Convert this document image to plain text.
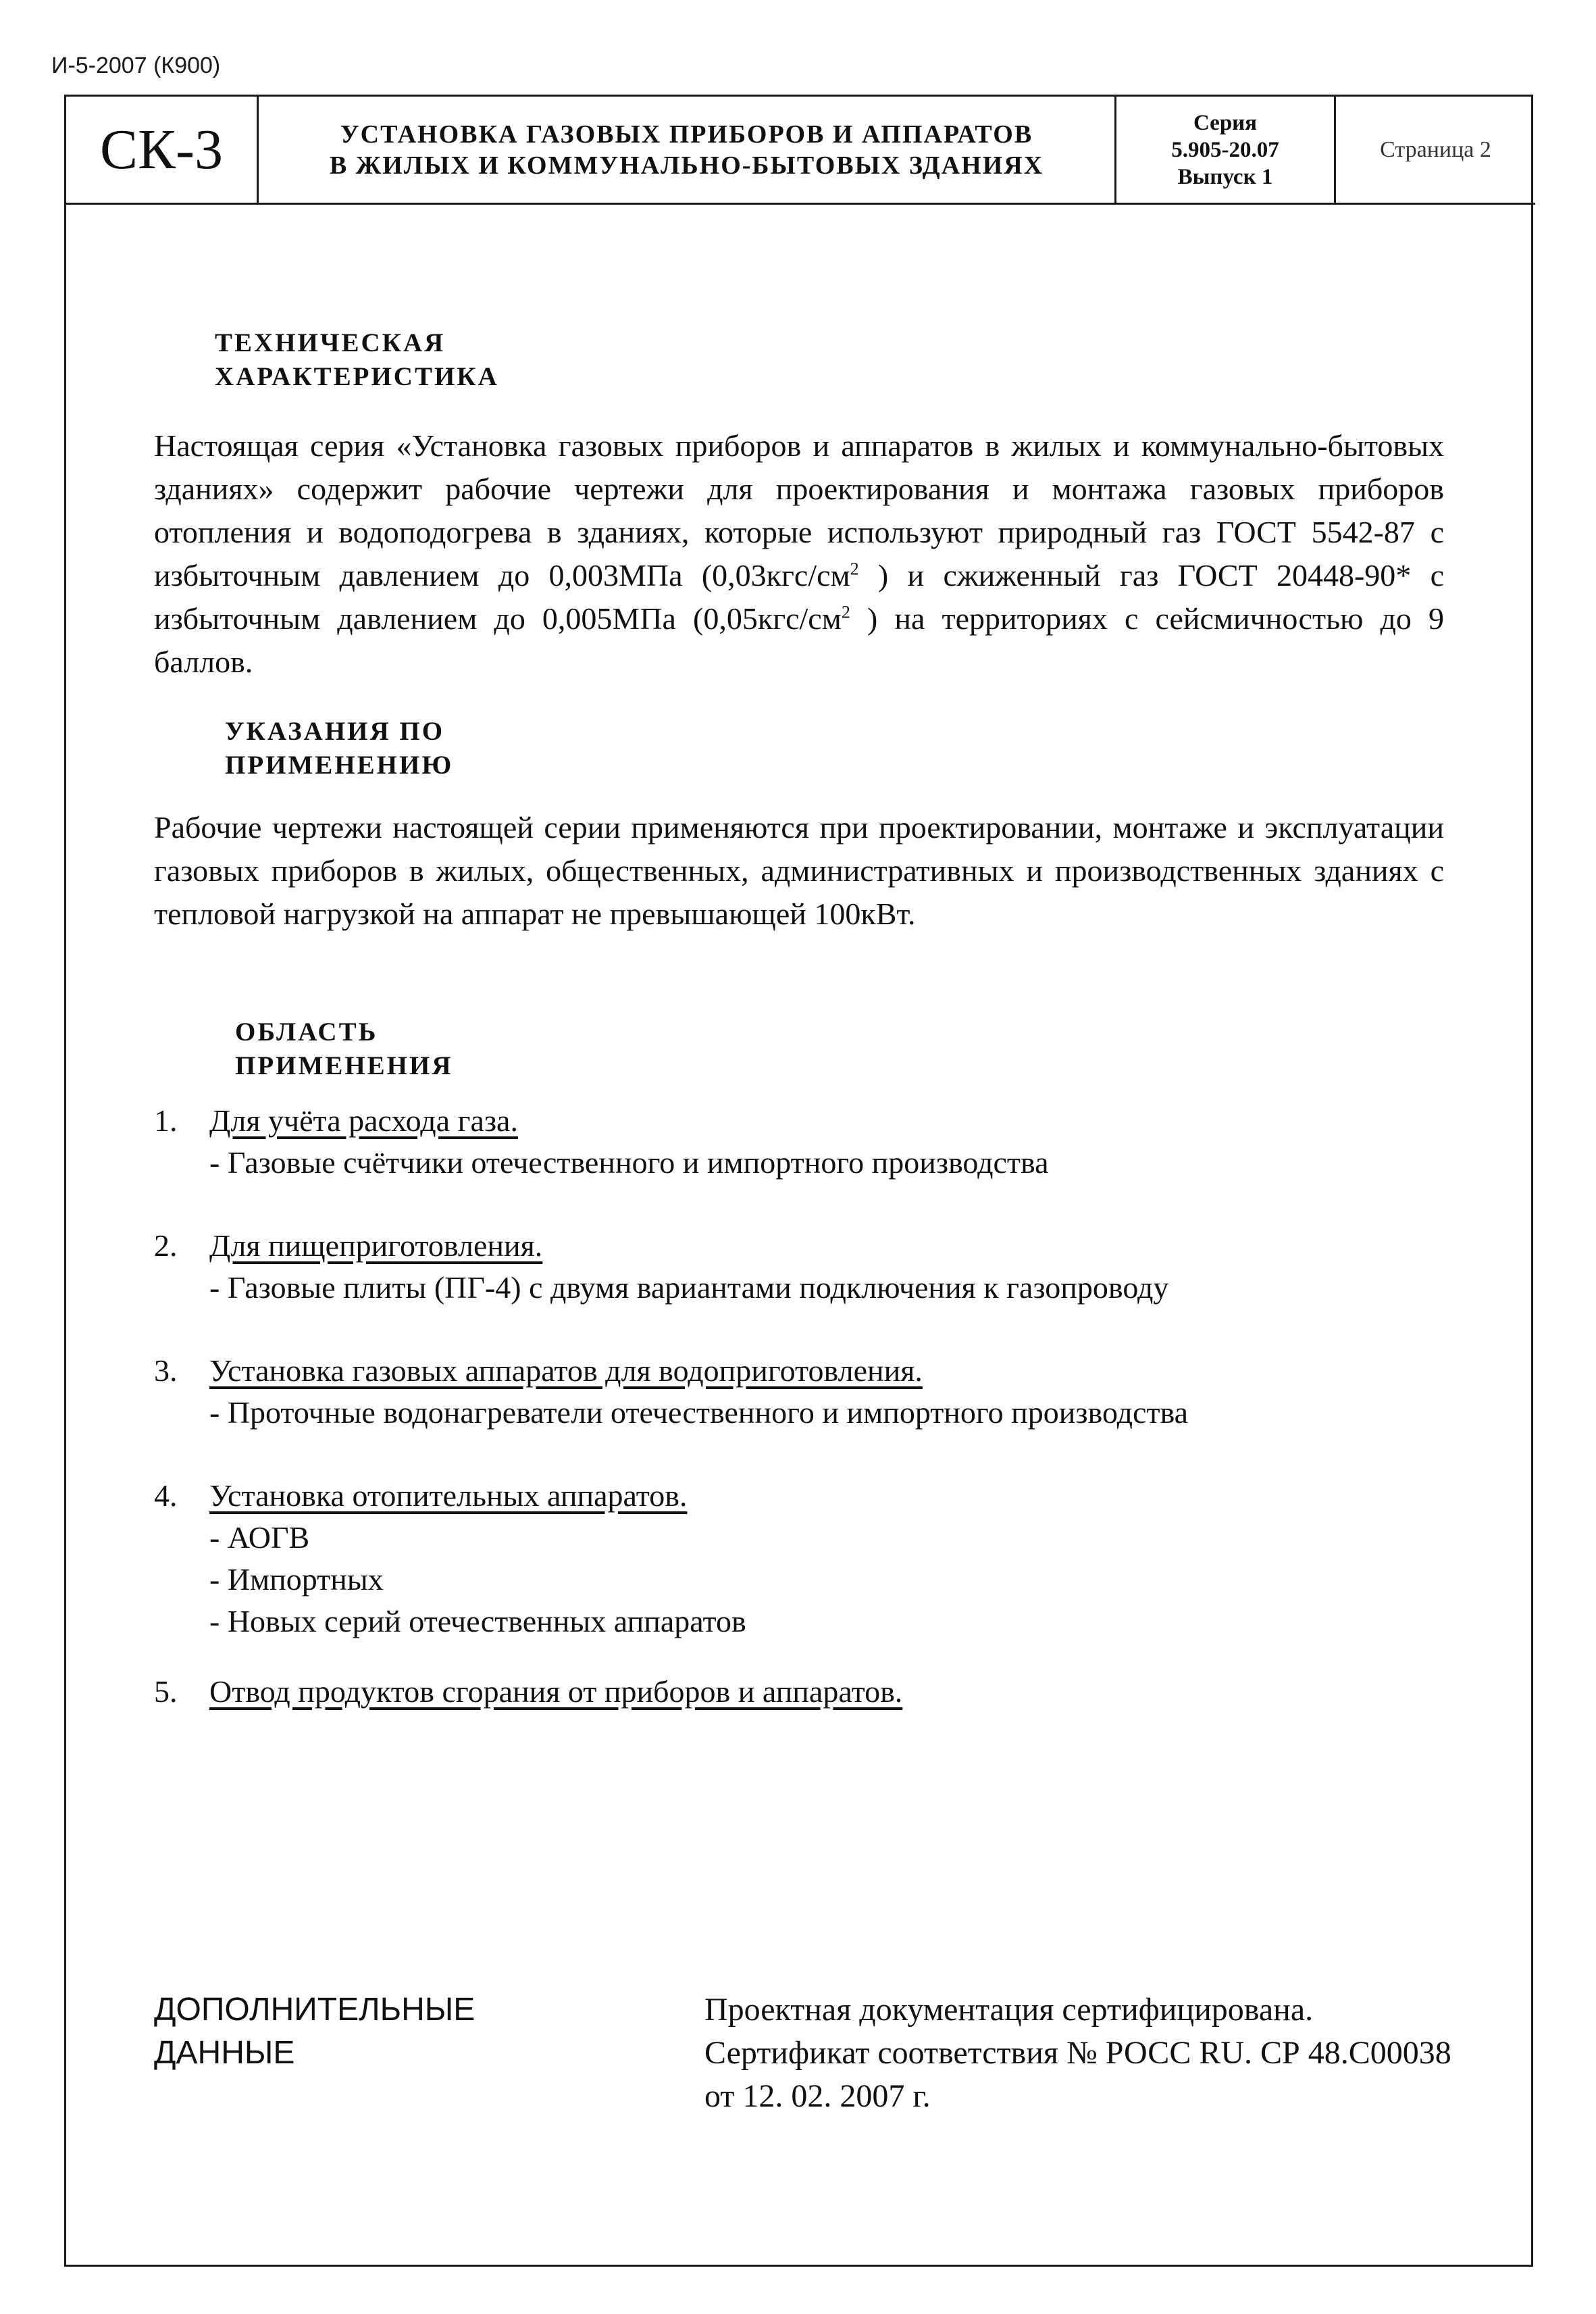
И-5-2007 (К900)
СК-3	УСТАНОВКА ГАЗОВЫХ ПРИБОРОВ И АППАРАТОВ
В ЖИЛЫХ И КОММУНАЛЬНО-БЫТОВЫХ ЗДАНИЯХ
Серия
5.905-20.07
Выпуск 1
Страница 2
ТЕХНИЧЕСКАЯ
ХАРАКТЕРИСТИКА
Настоящая серия «Установка газовых приборов и аппаратов в жилых и коммунально-бытовых зданиях» содержит рабочие чертежи для проектирования и монтажа газовых приборов отопления и водоподогрева в зданиях, которые используют природный газ ГОСТ 5542-87 с избыточным давлением до 0,003МПа ($0,03кгс/см^2$ ) и сжиженный газ ГОСТ 20448-90* с избыточным давлением до 0,005МПа ($0,05кгс/см^2$ ) на территориях с сейсмичностью до 9 баллов.
УКАЗАНИЯ ПО
ПРИМЕНЕНИЮ
Рабочие чертежи настоящей серии применяются при проектировании, монтаже и эксплуатации газовых приборов в жилых, общественных, административных и производственных зданиях с тепловой нагрузкой на аппарат не превышающей 100кВт.
ОБЛАСТЬ
ПРИМЕНЕНИЯ
1. Для учёта расхода газа.
- Газовые счётчики отечественного и импортного производства
2. Для пищеприготовления.
- Газовые плиты (ПГ-4) с двумя вариантами подключения к газопроводу
3. Установка газовых аппаратов для водоприготовления.
- Проточные водонагреватели отечественного и импортного производства
4. Установка отопительных аппаратов.
- АОГВ
- Импортных
- Новых серий отечественных аппаратов
5. Отвод продуктов сгорания от приборов и аппаратов.
ДОПОЛНИТЕЛЬНЫЕ
ДАННЫЕ
Проектная документация сертифицирована.
Сертификат соответствия № РОСС RU. СР 48.С00038
от 12. 02. 2007 г.
